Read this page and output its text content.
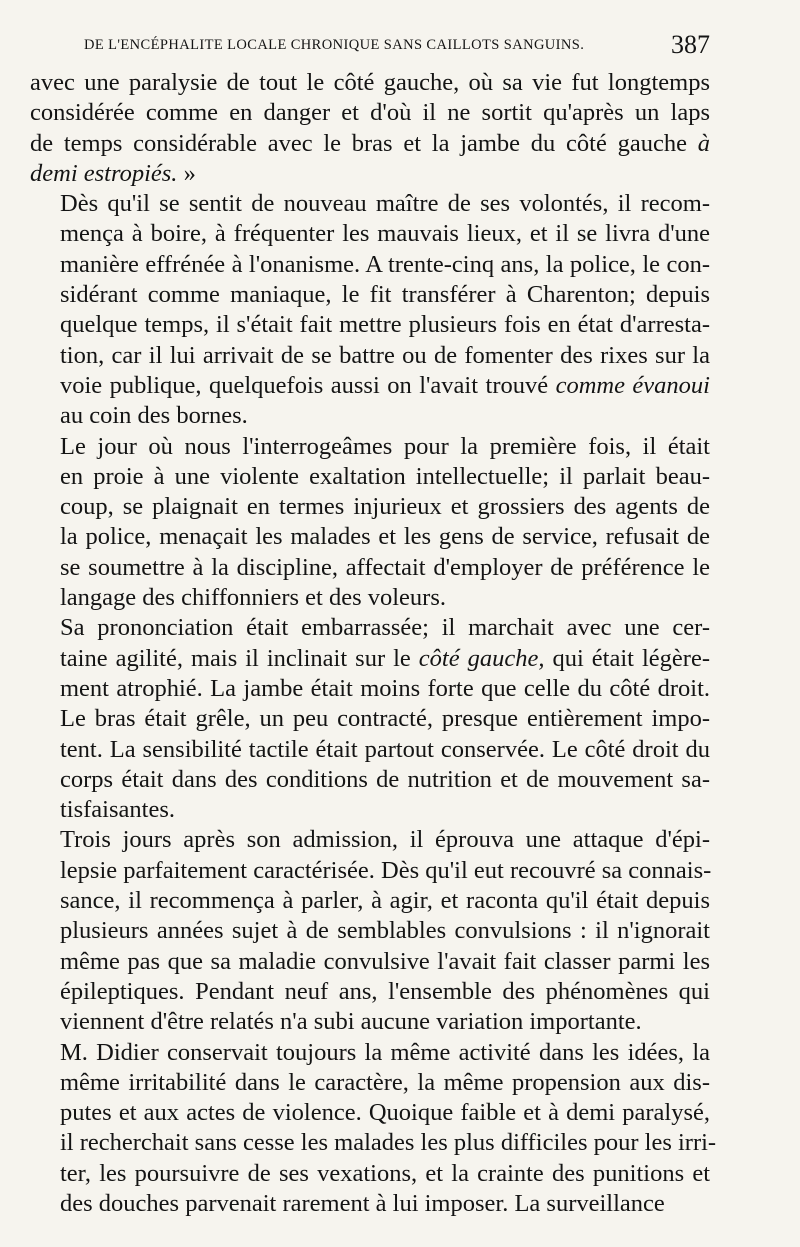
DE L'ENCÉPHALITE LOCALE CHRONIQUE SANS CAILLOTS SANGUINS.	387
avec une paralysie de tout le côté gauche, où sa vie fut longtemps
considérée comme en danger et d'où il ne sortit qu'après un laps
de temps considérable avec le bras et la jambe du côté gauche à
demi estropiés. »
Dès qu'il se sentit de nouveau maître de ses volontés, il recom-
mença à boire, à fréquenter les mauvais lieux, et il se livra d'une
manière effrénée à l'onanisme. A trente-cinq ans, la police, le con-
sidérant comme maniaque, le fit transférer à Charenton; depuis
quelque temps, il s'était fait mettre plusieurs fois en état d'arresta-
tion, car il lui arrivait de se battre ou de fomenter des rixes sur la
voie publique, quelquefois aussi on l'avait trouvé comme évanoui
au coin des bornes.
Le jour où nous l'interrogeâmes pour la première fois, il était
en proie à une violente exaltation intellectuelle; il parlait beau-
coup, se plaignait en termes injurieux et grossiers des agents de
la police, menaçait les malades et les gens de service, refusait de
se soumettre à la discipline, affectait d'employer de préférence le
langage des chiffonniers et des voleurs.
Sa prononciation était embarrassée; il marchait avec une cer-
taine agilité, mais il inclinait sur le côté gauche, qui était légère-
ment atrophié. La jambe était moins forte que celle du côté droit.
Le bras était grêle, un peu contracté, presque entièrement impo-
tent. La sensibilité tactile était partout conservée. Le côté droit du
corps était dans des conditions de nutrition et de mouvement sa-
tisfaisantes.
Trois jours après son admission, il éprouva une attaque d'épi-
lepsie parfaitement caractérisée. Dès qu'il eut recouvré sa connais-
sance, il recommença à parler, à agir, et raconta qu'il était depuis
plusieurs années sujet à de semblables convulsions : il n'ignorait
même pas que sa maladie convulsive l'avait fait classer parmi les
épileptiques. Pendant neuf ans, l'ensemble des phénomènes qui
viennent d'être relatés n'a subi aucune variation importante.
M. Didier conservait toujours la même activité dans les idées, la
même irritabilité dans le caractère, la même propension aux dis-
putes et aux actes de violence. Quoique faible et à demi paralysé,
il recherchait sans cesse les malades les plus difficiles pour les irri-
ter, les poursuivre de ses vexations, et la crainte des punitions et
des douches parvenait rarement à lui imposer. La surveillance
